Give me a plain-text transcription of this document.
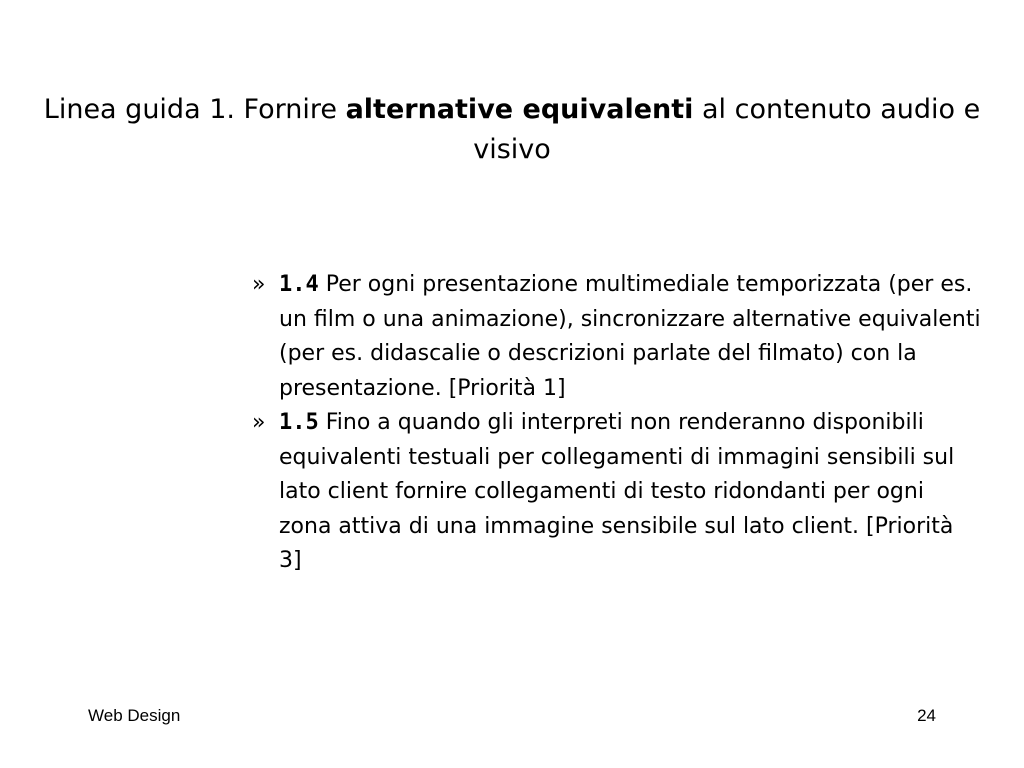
Linea guida 1. Fornire alternative equivalenti al contenuto audio e visivo
» 1.4 Per ogni presentazione multimediale temporizzata (per es. un film o una animazione), sincronizzare alternative equivalenti (per es. didascalie o descrizioni parlate del filmato) con la presentazione. [Priorità 1]
» 1.5 Fino a quando gli interpreti non renderanno disponibili equivalenti testuali per collegamenti di immagini sensibili sul lato client fornire collegamenti di testo ridondanti per ogni zona attiva di una immagine sensibile sul lato client. [Priorità 3]
Web Design	24
